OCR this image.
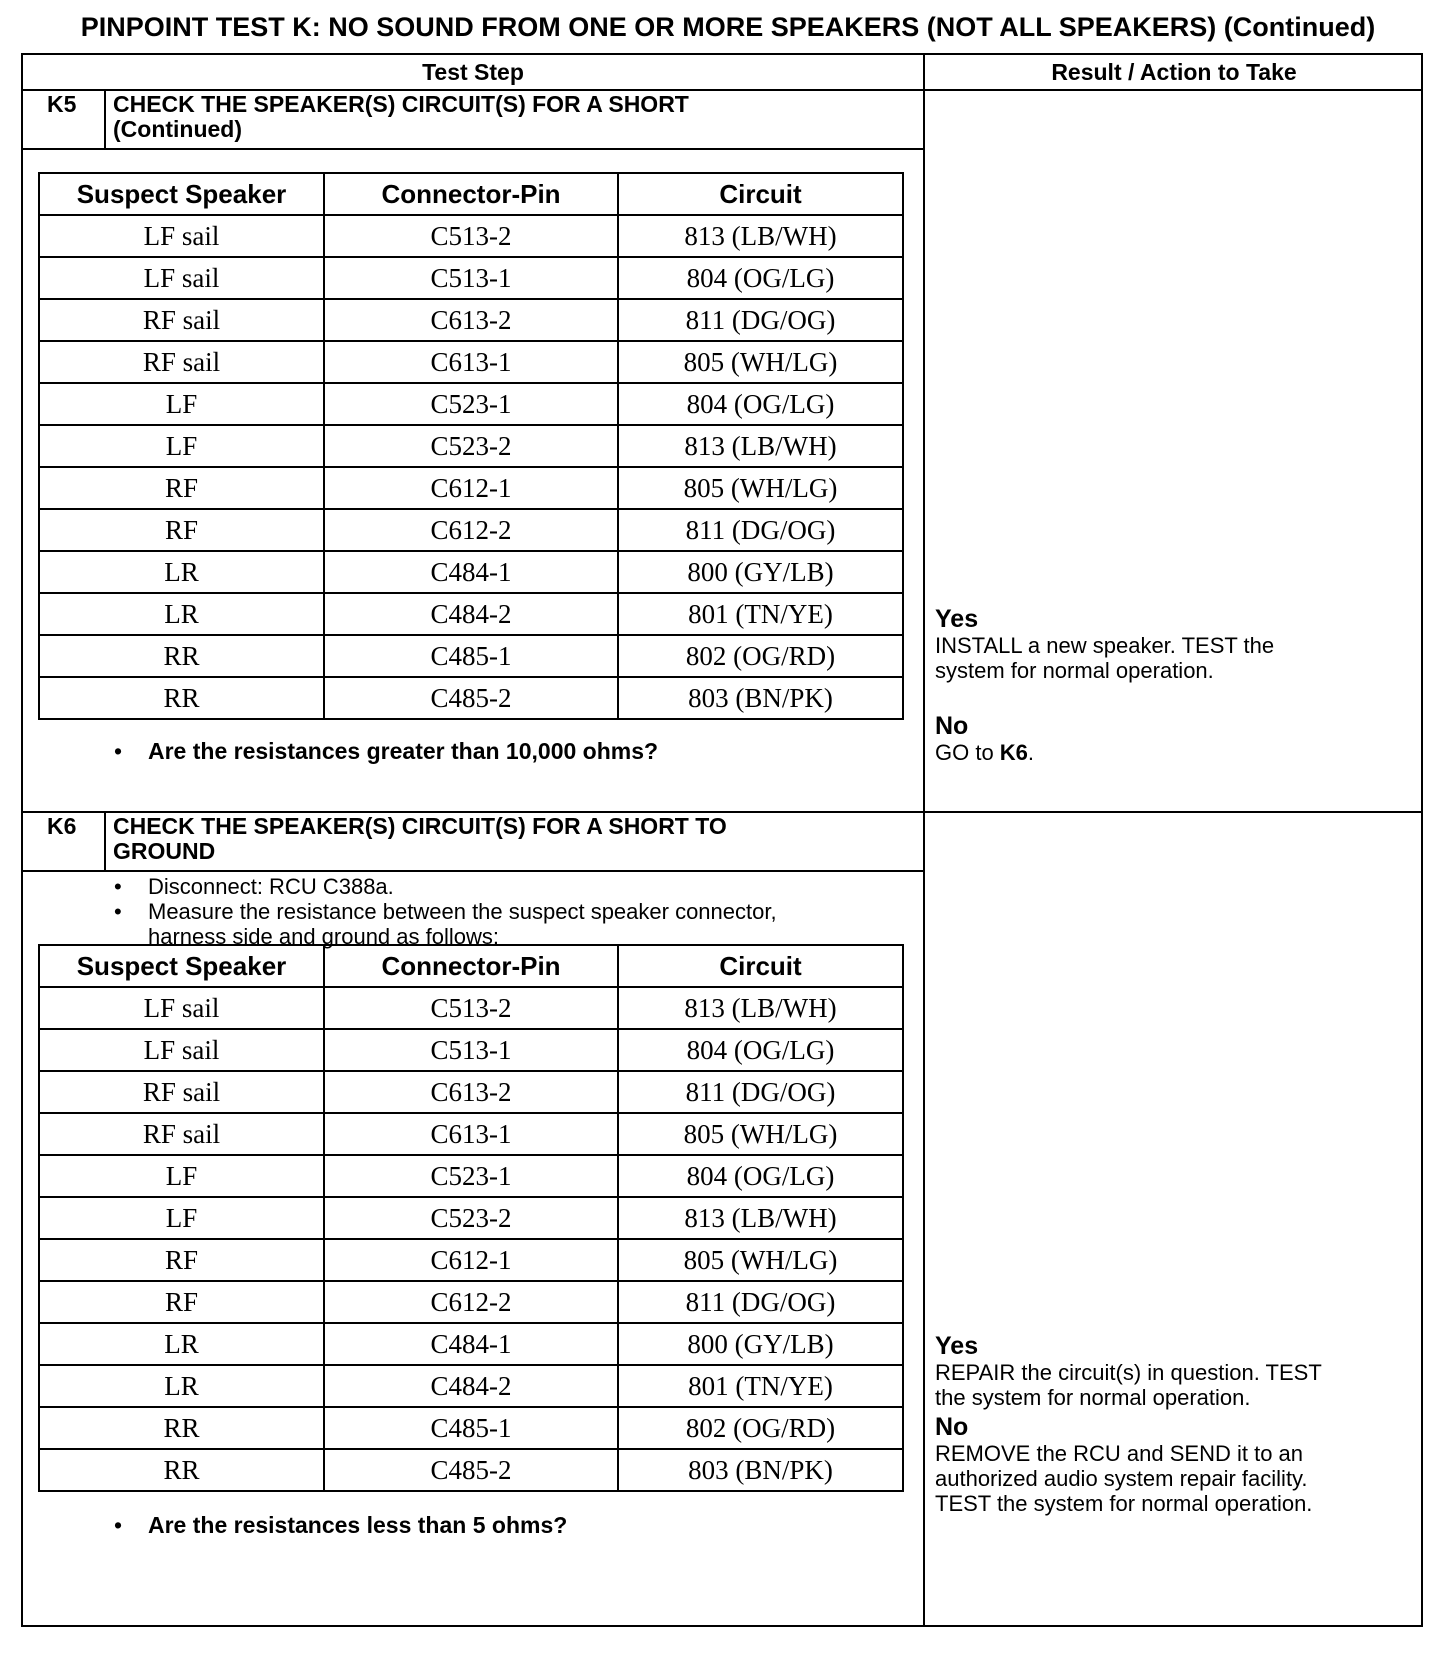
PINPOINT TEST K: NO SOUND FROM ONE OR MORE SPEAKERS (NOT ALL SPEAKERS) (Continued)
Test Step	Result / Action to Take
K5 CHECK THE SPEAKER(S) CIRCUIT(S) FOR A SHORT
(Continued)
Suspect Speaker	Connector-Pin	Circuit
LF sail	C513-2	813 (LB/WH)
LF sail	C513-1	804 (OG/LG)
RF sail	C613-2	811 (DG/OG)
RF sail	C613-1	805 (WH/LG)
LF	C523-1	804 (OG/LG)
LF	C523-2	813 (LB/WH)
RF	C612-1	805 (WH/LG)
RF	C612-2	811 (DG/OG)
LR	C484-1	800 (GY/LB)
LR	C484-2	801 (TN/YE)
RR	C485-1	802 (OG/RD)
RR	C485-2	803 (BN/PK)
• Are the resistances greater than 10,000 ohms?
Yes
INSTALL a new speaker. TEST the
system for normal operation.
No
GO to K6.
K6 CHECK THE SPEAKER(S) CIRCUIT(S) FOR A SHORT TO
GROUND
• Disconnect: RCU C388a.
• Measure the resistance between the suspect speaker connector,
harness side and ground as follows:
Suspect Speaker	Connector-Pin	Circuit
LF sail	C513-2	813 (LB/WH)
LF sail	C513-1	804 (OG/LG)
RF sail	C613-2	811 (DG/OG)
RF sail	C613-1	805 (WH/LG)
LF	C523-1	804 (OG/LG)
LF	C523-2	813 (LB/WH)
RF	C612-1	805 (WH/LG)
RF	C612-2	811 (DG/OG)
LR	C484-1	800 (GY/LB)
LR	C484-2	801 (TN/YE)
RR	C485-1	802 (OG/RD)
RR	C485-2	803 (BN/PK)
• Are the resistances less than 5 ohms?
Yes
REPAIR the circuit(s) in question. TEST
the system for normal operation.
No
REMOVE the RCU and SEND it to an
authorized audio system repair facility.
TEST the system for normal operation.
